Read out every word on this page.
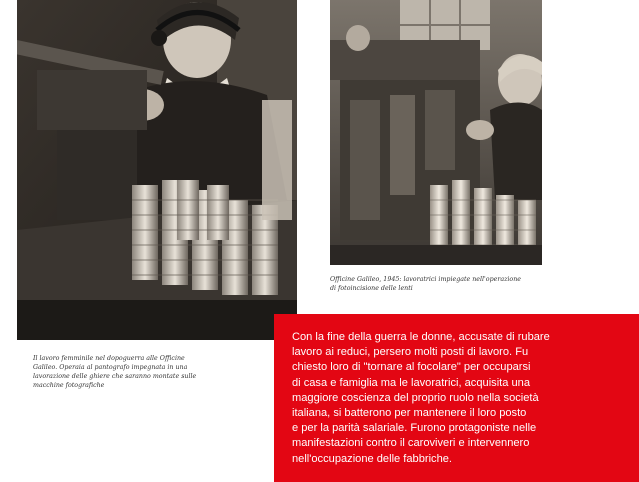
Officine Galileo, 1945: lavoratrici impiegate nell'operazione
di fotoincisione delle lenti
Il lavoro femminile nel dopoguerra alle Officine
Galileo. Operaia al pantografo impegnata in una
lavorazione delle ghiere che saranno montate sulle
macchine fotografiche
Con la fine della guerra le donne, accusate di rubare
lavoro ai reduci, persero molti posti di lavoro. Fu
chiesto loro di "tornare al focolare" per occuparsi
di casa e famiglia ma le lavoratrici, acquisita una
maggiore coscienza del proprio ruolo nella società
italiana, si batterono per mantenere il loro posto
e per la parità salariale. Furono protagoniste nelle
manifestazioni contro il caroviveri e intervennero
nell'occupazione delle fabbriche.
